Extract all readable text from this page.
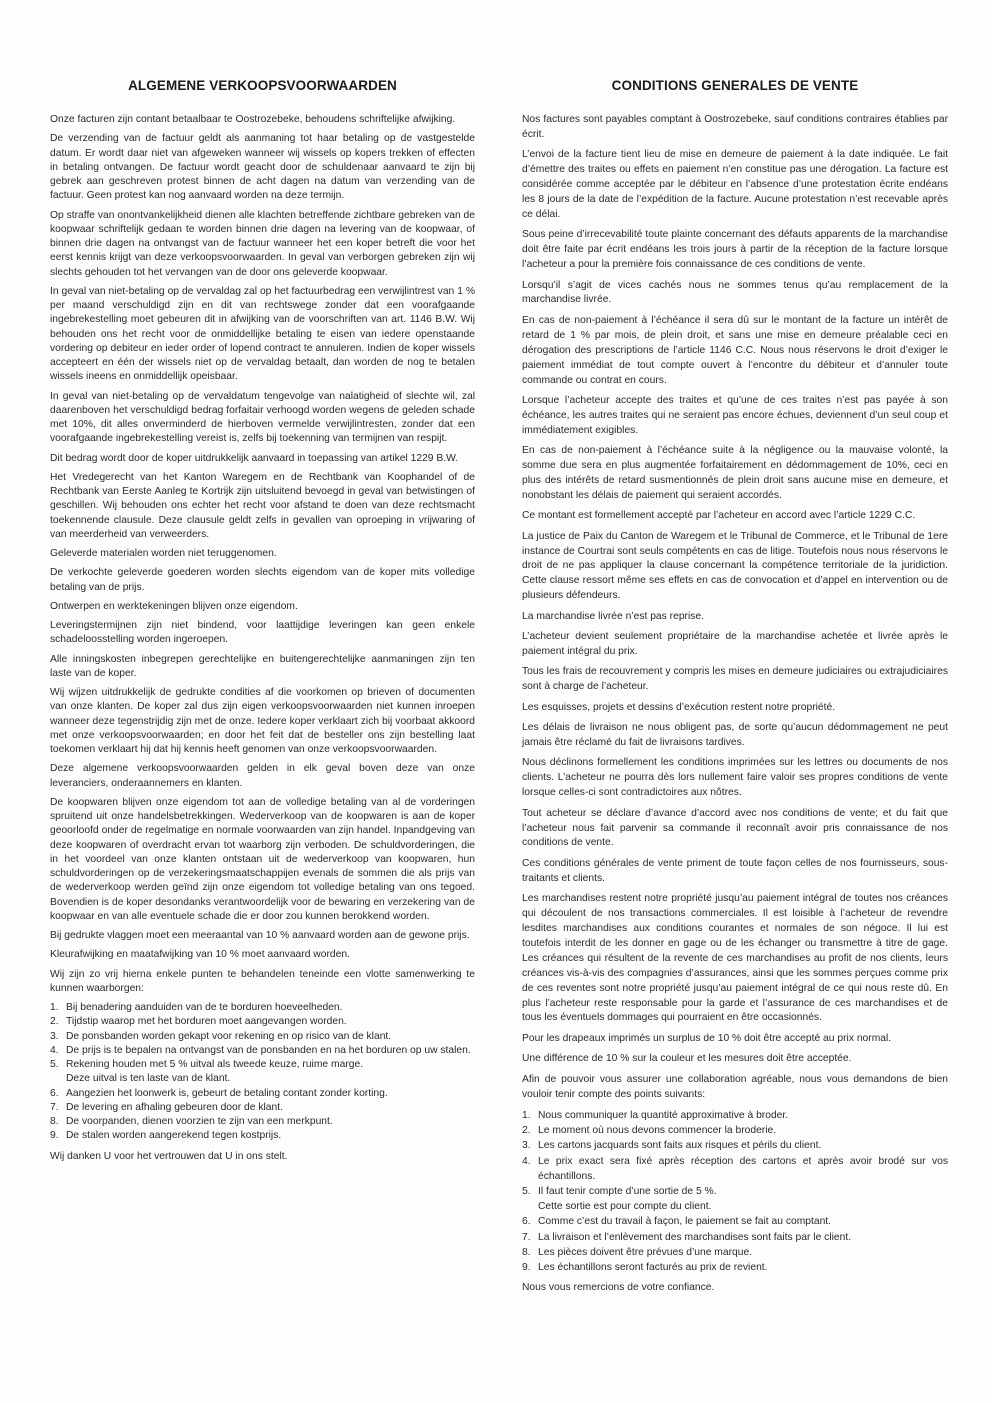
ALGEMENE VERKOOPSVOORWAARDEN

Onze facturen zijn contant betaalbaar te Oostrozebeke, behoudens schriftelijke afwijking.

De verzending van de factuur geldt als aanmaning tot haar betaling op de vastgestelde datum. Er wordt daar niet van afgeweken wanneer wij wissels op kopers trekken of effecten in betaling ontvangen. De factuur wordt geacht door de schuldenaar aanvaard te zijn bij gebrek aan geschreven protest binnen de acht dagen na datum van verzending van de factuur. Geen protest kan nog aanvaard worden na deze termijn.

Op straffe van onontvankelijkheid dienen alle klachten betreffende zichtbare gebreken van de koopwaar schriftelijk gedaan te worden binnen drie dagen na levering van de koopwaar, of binnen drie dagen na ontvangst van de factuur wanneer het een koper betreft die voor het eerst kennis krijgt van deze verkoopsvoorwaarden. In geval van verborgen gebreken zijn wij slechts gehouden tot het vervangen van de door ons geleverde koopwaar.

In geval van niet-betaling op de vervaldag zal op het factuurbedrag een verwijlintrest van 1 % per maand verschuldigd zijn en dit van rechtswege zonder dat een voorafgaande ingebrekestelling moet gebeuren dit in afwijking van de voorschriften van art. 1146 B.W. Wij behouden ons het recht voor de onmiddellijke betaling te eisen van iedere openstaande vordering op debiteur en ieder order of lopend contract te annuleren. Indien de koper wissels accepteert en één der wissels niet op de vervaldag betaalt, dan worden de nog te betalen wissels ineens en onmiddellijk opeisbaar.

In geval van niet-betaling op de vervaldatum tengevolge van nalatigheid of slechte wil, zal daarenboven het verschuldigd bedrag forfaitair verhoogd worden wegens de geleden schade met 10%, dit alles onverminderd de hierboven vermelde verwijlintresten, zonder dat een voorafgaande ingebrekestelling vereist is, zelfs bij toekenning van termijnen van respijt.

Dit bedrag wordt door de koper uitdrukkelijk aanvaard in toepassing van artikel 1229 B.W.

Het Vredegerecht van het Kanton Waregem en de Rechtbank van Koophandel of de Rechtbank van Eerste Aanleg te Kortrijk zijn uitsluitend bevoegd in geval van betwistingen of geschillen. Wij behouden ons echter het recht voor afstand te doen van deze rechtsmacht toekennende clausule. Deze clausule geldt zelfs in gevallen van oproeping in vrijwaring of van meerderheid van verweerders.

Geleverde materialen worden niet teruggenomen.

De verkochte geleverde goederen worden slechts eigendom van de koper mits volledige betaling van de prijs.

Ontwerpen en werktekeningen blijven onze eigendom.

Leveringstermijnen zijn niet bindend, voor laattijdige leveringen kan geen enkele schadeloosstelling worden ingeroepen.

Alle inningskosten inbegrepen gerechtelijke en buitengerechtelijke aanmaningen zijn ten laste van de koper.

Wij wijzen uitdrukkelijk de gedrukte condities af die voorkomen op brieven of documenten van onze klanten. De koper zal dus zijn eigen verkoopsvoorwaarden niet kunnen inroepen wanneer deze tegenstrijdig zijn met de onze. Iedere koper verklaart zich bij voorbaat akkoord met onze verkoopsvoorwaarden; en door het feit dat de besteller ons zijn bestelling laat toekomen verklaart hij dat hij kennis heeft genomen van onze verkoopsvoorwaarden.

Deze algemene verkoopsvoorwaarden gelden in elk geval boven deze van onze leveranciers, onderaannemers en klanten.

De koopwaren blijven onze eigendom tot aan de volledige betaling van al de vorderingen spruitend uit onze handelsbetrekkingen. Wederverkoop van de koopwaren is aan de koper geoorloofd onder de regelmatige en normale voorwaarden van zijn handel. Inpandgeving van deze koopwaren of overdracht ervan tot waarborg zijn verboden. De schuldvorderingen, die in het voordeel van onze klanten ontstaan uit de wederverkoop van koopwaren, hun schuldvorderingen op de verzekeringsmaatschappijen evenals de sommen die als prijs van de wederverkoop werden geïnd zijn onze eigendom tot volledige betaling van ons tegoed. Bovendien is de koper desondanks verantwoordelijk voor de bewaring en verzekering van de koopwaar en van alle eventuele schade die er door zou kunnen berokkend worden.

Bij gedrukte vlaggen moet een meeraantal van 10 % aanvaard worden aan de gewone prijs.

Kleurafwijking en maatafwijking van 10 % moet aanvaard worden.

Wij zijn zo vrij hierna enkele punten te behandelen teneinde een vlotte samenwerking te kunnen waarborgen:

1. Bij benadering aanduiden van de te borduren hoeveelheden.
2. Tijdstip waarop met het borduren moet aangevangen worden.
3. De ponsbanden worden gekapt voor rekening en op risico van de klant.
4. De prijs is te bepalen na ontvangst van de ponsbanden en na het borduren op uw stalen.
5. Rekening houden met 5 % uitval als tweede keuze, ruime marge.
Deze uitval is ten laste van de klant.
6. Aangezien het loonwerk is, gebeurt de betaling contant zonder korting.
7. De levering en afhaling gebeuren door de klant.
8. De voorpanden, dienen voorzien te zijn van een merkpunt.
9. De stalen worden aangerekend tegen kostprijs.

Wij danken U voor het vertrouwen dat U in ons stelt.

CONDITIONS GENERALES DE VENTE

Nos factures sont payables comptant à Oostrozebeke, sauf conditions contraires établies par écrit.

L’envoi de la facture tient lieu de mise en demeure de paiement à la date indiquée. Le fait d’émettre des traites ou effets en paiement n’en constitue pas une dérogation. La facture est considérée comme acceptée par le débiteur en l’absence d’une protestation écrite endéans les 8 jours de la date de l’expédition de la facture. Aucune protestation n’est recevable après ce délai.

Sous peine d’irrecevabilité toute plainte concernant des défauts apparents de la marchandise doit être faite par écrit endéans les trois jours à partir de la réception de la facture lorsque l’acheteur a pour la première fois connaissance de ces conditions de vente.

Lorsqu’il s’agit de vices cachés nous ne sommes tenus qu’au remplacement de la marchandise livrée.

En cas de non-paiement à l’échéance il sera dû sur le montant de la facture un intérêt de retard de 1 % par mois, de plein droit, et sans une mise en demeure préalable ceci en dérogation des prescriptions de l’article 1146 C.C. Nous nous réservons le droit d’exiger le paiement immédiat de tout compte ouvert à l’encontre du débiteur et d’annuler toute commande ou contrat en cours.

Lorsque l’acheteur accepte des traites et qu’une de ces traites n’est pas payée à son échéance, les autres traites qui ne seraient pas encore échues, deviennent d’un seul coup et immédiatement exigibles.

En cas de non-paiement à l’échéance suite à la négligence ou la mauvaise volonté, la somme due sera en plus augmentée forfaitairement en dédommagement de 10%, ceci en plus des intérêts de retard susmentionnés de plein droit sans aucune mise en demeure, et nonobstant les délais de paiement qui seraient accordés.

Ce montant est formellement accepté par l’acheteur en accord avec l’article 1229 C.C.

La justice de Paix du Canton de Waregem et le Tribunal de Commerce, et le Tribunal de 1ere instance de Courtrai sont seuls compétents en cas de litige. Toutefois nous nous réservons le droit de ne pas appliquer la clause concernant la compétence territoriale de la juridiction. Cette clause ressort même ses effets en cas de convocation et d’appel en intervention ou de plusieurs défendeurs.

La marchandise livrée n’est pas reprise.

L’acheteur devient seulement propriétaire de la marchandise achetée et livrée après le paiement intégral du prix.

Tous les frais de recouvrement y compris les mises en demeure judiciaires ou extrajudiciaires sont à charge de l’acheteur.

Les esquisses, projets et dessins d’exécution restent notre propriété.

Les délais de livraison ne nous obligent pas, de sorte qu’aucun dédommagement ne peut jamais être réclamé du fait de livraisons tardives.

Nous déclinons formellement les conditions imprimées sur les lettres ou documents de nos clients. L’acheteur ne pourra dès lors nullement faire valoir ses propres conditions de vente lorsque celles-ci sont contradictoires aux nôtres.

Tout acheteur se déclare d’avance d’accord avec nos conditions de vente; et du fait que l’acheteur nous fait parvenir sa commande il reconnaît avoir pris connaissance de nos conditions de vente.

Ces conditions générales de vente priment de toute façon celles de nos fournisseurs, sous-traitants et clients.

Les marchandises restent notre propriété jusqu’au paiement intégral de toutes nos créances qui découlent de nos transactions commerciales. Il est loisible à l’acheteur de revendre lesdites marchandises aux conditions courantes et normales de son négoce. Il lui est toutefois interdit de les donner en gage ou de les échanger ou transmettre à titre de gage. Les créances qui résultent de la revente de ces marchandises au profit de nos clients, leurs créances vis-à-vis des compagnies d’assurances, ainsi que les sommes perçues comme prix de ces reventes sont notre propriété jusqu’au paiement intégral de ce qui nous reste dû. En plus l’acheteur reste responsable pour la garde et l’assurance de ces marchandises et de tous les éventuels dommages qui pourraient en être occasionnés.

Pour les drapeaux imprimés un surplus de 10 % doit être accepté au prix normal.

Une différence de 10 % sur la couleur et les mesures doit être acceptée.

Afin de pouvoir vous assurer une collaboration agréable, nous vous demandons de bien vouloir tenir compte des points suivants:

1. Nous communiquer la quantité approximative à broder.
2. Le moment où nous devons commencer la broderie.
3. Les cartons jacquards sont faits aux risques et périls du client.
4. Le prix exact sera fixé après réception des cartons et après avoir brodé sur vos échantillons.
5. Il faut tenir compte d’une sortie de 5 %.
Cette sortie est pour compte du client.
6. Comme c’est du travail à façon, le paiement se fait au comptant.
7. La livraison et l’enlèvement des marchandises sont faits par le client.
8. Les pièces doivent être prévues d’une marque.
9. Les échantillons seront facturés au prix de revient.

Nous vous remercions de votre confiance.
